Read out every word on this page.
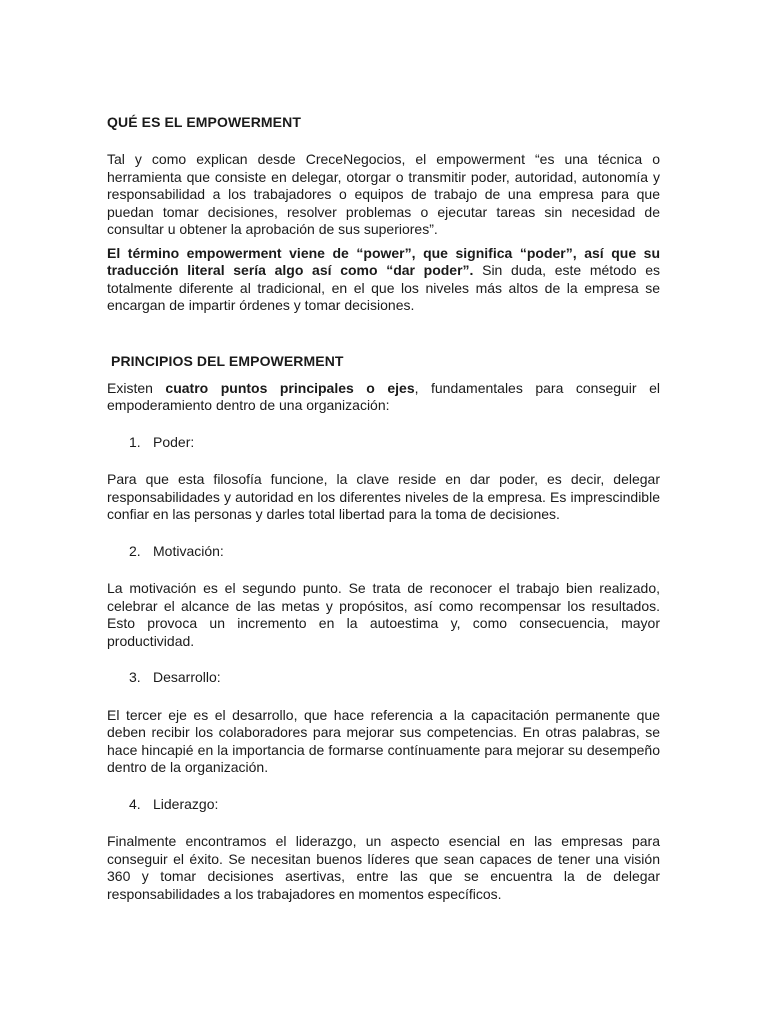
QUÉ ES EL EMPOWERMENT

Tal y como explican desde CreceNegocios, el empowerment “es una técnica o herramienta que consiste en delegar, otorgar o transmitir poder, autoridad, autonomía y responsabilidad a los trabajadores o equipos de trabajo de una empresa para que puedan tomar decisiones, resolver problemas o ejecutar tareas sin necesidad de consultar u obtener la aprobación de sus superiores”.

El término empowerment viene de “power”, que significa “poder”, así que su traducción literal sería algo así como “dar poder”. Sin duda, este método es totalmente diferente al tradicional, en el que los niveles más altos de la empresa se encargan de impartir órdenes y tomar decisiones.

PRINCIPIOS DEL EMPOWERMENT

Existen cuatro puntos principales o ejes, fundamentales para conseguir el empoderamiento dentro de una organización:

1. Poder:

Para que esta filosofía funcione, la clave reside en dar poder, es decir, delegar responsabilidades y autoridad en los diferentes niveles de la empresa. Es imprescindible confiar en las personas y darles total libertad para la toma de decisiones.

2. Motivación:

La motivación es el segundo punto. Se trata de reconocer el trabajo bien realizado, celebrar el alcance de las metas y propósitos, así como recompensar los resultados. Esto provoca un incremento en la autoestima y, como consecuencia, mayor productividad.

3. Desarrollo:

El tercer eje es el desarrollo, que hace referencia a la capacitación permanente que deben recibir los colaboradores para mejorar sus competencias. En otras palabras, se hace hincapié en la importancia de formarse contínuamente para mejorar su desempeño dentro de la organización.

4. Liderazgo:

Finalmente encontramos el liderazgo, un aspecto esencial en las empresas para conseguir el éxito. Se necesitan buenos líderes que sean capaces de tener una visión 360 y tomar decisiones asertivas, entre las que se encuentra la de delegar responsabilidades a los trabajadores en momentos específicos.
